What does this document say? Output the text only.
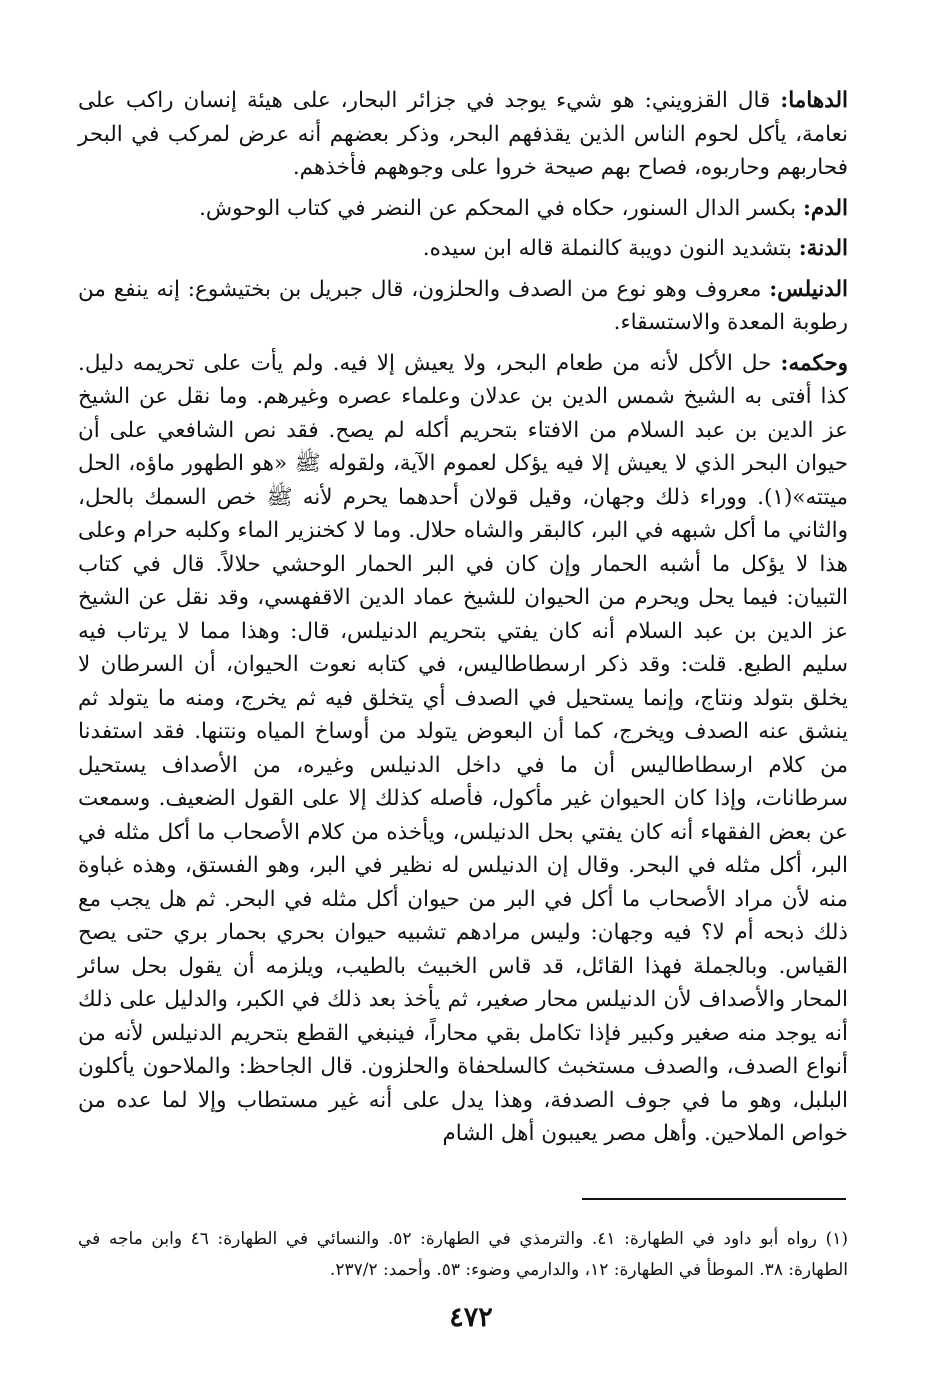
الدهاما: قال القزويني: هو شيء يوجد في جزائر البحار، على هيئة إنسان راكب على نعامة، يأكل لحوم الناس الذين يقذفهم البحر، وذكر بعضهم أنه عرض لمركب في البحر فحاربهم وحاربوه، فصاح بهم صيحة خروا على وجوههم فأخذهم.

الدم: بكسر الدال السنور، حكاه في المحكم عن النضر في كتاب الوحوش.

الدنة: بتشديد النون دويبة كالنملة قاله ابن سيده.

الدنيلس: معروف وهو نوع من الصدف والحلزون، قال جبريل بن بختيشوع: إنه ينفع من رطوبة المعدة والاستسقاء.

وحكمه: حل الأكل لأنه من طعام البحر، ولا يعيش إلا فيه. ولم يأت على تحريمه دليل. كذا أفتى به الشيخ شمس الدين بن عدلان وعلماء عصره وغيرهم. وما نقل عن الشيخ عز الدين بن عبد السلام من الافتاء بتحريم أكله لم يصح. فقد نص الشافعي على أن حيوان البحر الذي لا يعيش إلا فيه يؤكل لعموم الآية، ولقوله ﷺ «هو الطهور ماؤه، الحل ميتته»(١). ووراء ذلك وجهان، وقيل قولان أحدهما يحرم لأنه ﷺ خص السمك بالحل، والثاني ما أكل شبهه في البر، كالبقر والشاه حلال. وما لا كخنزير الماء وكلبه حرام وعلى هذا لا يؤكل ما أشبه الحمار وإن كان في البر الحمار الوحشي حلالاً. قال في كتاب التبيان: فيما يحل ويحرم من الحيوان للشيخ عماد الدين الاقفهسي، وقد نقل عن الشيخ عز الدين بن عبد السلام أنه كان يفتي بتحريم الدنيلس، قال: وهذا مما لا يرتاب فيه سليم الطبع. قلت: وقد ذكر ارسطاطاليس، في كتابه نعوت الحيوان، أن السرطان لا يخلق بتولد ونتاج، وإنما يستحيل في الصدف أي يتخلق فيه ثم يخرج، ومنه ما يتولد ثم ينشق عنه الصدف ويخرج، كما أن البعوض يتولد من أوساخ المياه ونتنها. فقد استفدنا من كلام ارسطاطاليس أن ما في داخل الدنيلس وغيره، من الأصداف يستحيل سرطانات، وإذا كان الحيوان غير مأكول، فأصله كذلك إلا على القول الضعيف. وسمعت عن بعض الفقهاء أنه كان يفتي بحل الدنيلس، ويأخذه من كلام الأصحاب ما أكل مثله في البر، أكل مثله في البحر. وقال إن الدنيلس له نظير في البر، وهو الفستق، وهذه غباوة منه لأن مراد الأصحاب ما أكل في البر من حيوان أكل مثله في البحر. ثم هل يجب مع ذلك ذبحه أم لا؟ فيه وجهان: وليس مرادهم تشبيه حيوان بحري بحمار بري حتى يصح القياس. وبالجملة فهذا القائل، قد قاس الخبيث بالطيب، ويلزمه أن يقول بحل سائر المحار والأصداف لأن الدنيلس محار صغير، ثم يأخذ بعد ذلك في الكبر، والدليل على ذلك أنه يوجد منه صغير وكبير فإذا تكامل بقي محاراً، فينبغي القطع بتحريم الدنيلس لأنه من أنواع الصدف، والصدف مستخبث كالسلحفاة والحلزون. قال الجاحظ: والملاحون يأكلون البلبل، وهو ما في جوف الصدفة، وهذا يدل على أنه غير مستطاب وإلا لما عده من خواص الملاحين. وأهل مصر يعيبون أهل الشام

(١) رواه أبو داود في الطهارة: ٤١. والترمذي في الطهارة: ٥٢. والنسائي في الطهارة: ٤٦ وابن ماجه في الطهارة: ٣٨. الموطأ في الطهارة: ١٢، والدارمي وضوء: ٥٣. وأحمد: ٢٣٧/٢.
٤٧٢
